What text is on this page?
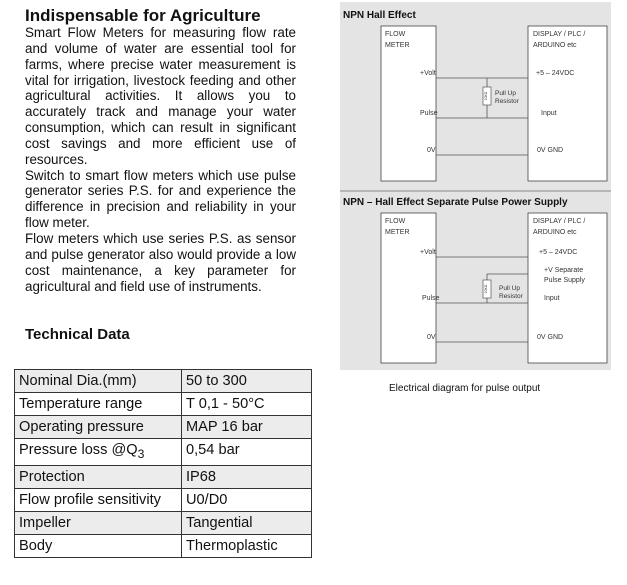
Indispensable for Agriculture

Smart Flow Meters for measuring flow rate and volume of water are essential tool for farms, where precise water measurement is vital for irrigation, livestock feeding and other agricultural activities. It allows you to accurately track and manage your water consumption, which can result in significant cost savings and more efficient use of resources.

Switch to smart flow meters which use pulse generator series P.S. for and experience the difference in precision and reliability in your flow meter.

Flow meters which use series P.S. as sensor and pulse generator also would provide a low cost maintenance, a key parameter for agricultural and field use of instruments.

Technical Data
Nominal Dia.(mm)	50 to 300
Temperature range	T 0,1 - 50°C
Operating pressure	MAP 16 bar
Pressure loss $@Q_3$	0,54 bar
Protection	IP68
Flow profile sensitivity	U0/D0
Impeller	Tangential
Body	Thermoplastic
NPN Hall Effect
FLOW
METER
DISPLAY / PLC /
ARDUINO etc
10KΩ
+Volt	+5 – 24VDC
Pull Up
Resistor
Pulse	Input
0V	0V GND
NPN – Hall Effect Separate Pulse Power Supply
FLOW
METER
DISPLAY / PLC /
ARDUINO etc
10KΩ
+Volt	+5 – 24VDC
+V Separate
Pulse Supply
Pull Up
Resistor
Pulse	Input
0V	0V GND
Electrical diagram for pulse output
